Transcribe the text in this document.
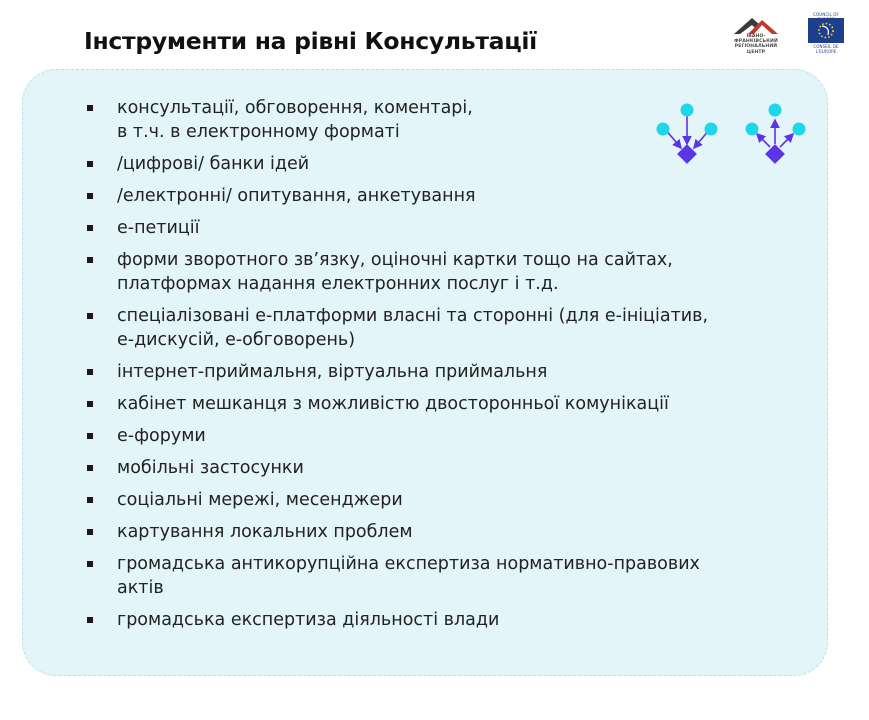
Інструменти на рівні Консультації	ІВАНО-ФРАНКІВСЬКИЙ РЕГІОНАЛЬНИЙ ЦЕНТР
COUNCIL OF
CONSEIL DE L'EUROPE
консультації, обговорення, коментарі,
в т.ч. в електронному форматі
/цифрові/ банки ідей
/електронні/ опитування, анкетування
е-петиції
форми зворотного зв’язку, оціночні картки тощо на сайтах,
платформах надання електронних послуг і т.д.
спеціалізовані е-платформи власні та сторонні (для е-ініціатив,
е-дискусій, е-обговорень)
інтернет-приймальня, віртуальна приймальня
кабінет мешканця з можливістю двосторонньої комунікації
е-форуми
мобільні застосунки
соціальні мережі, месенджери
картування локальних проблем
громадська антикорупційна експертиза нормативно-правових
актів
громадська експертиза діяльності влади
